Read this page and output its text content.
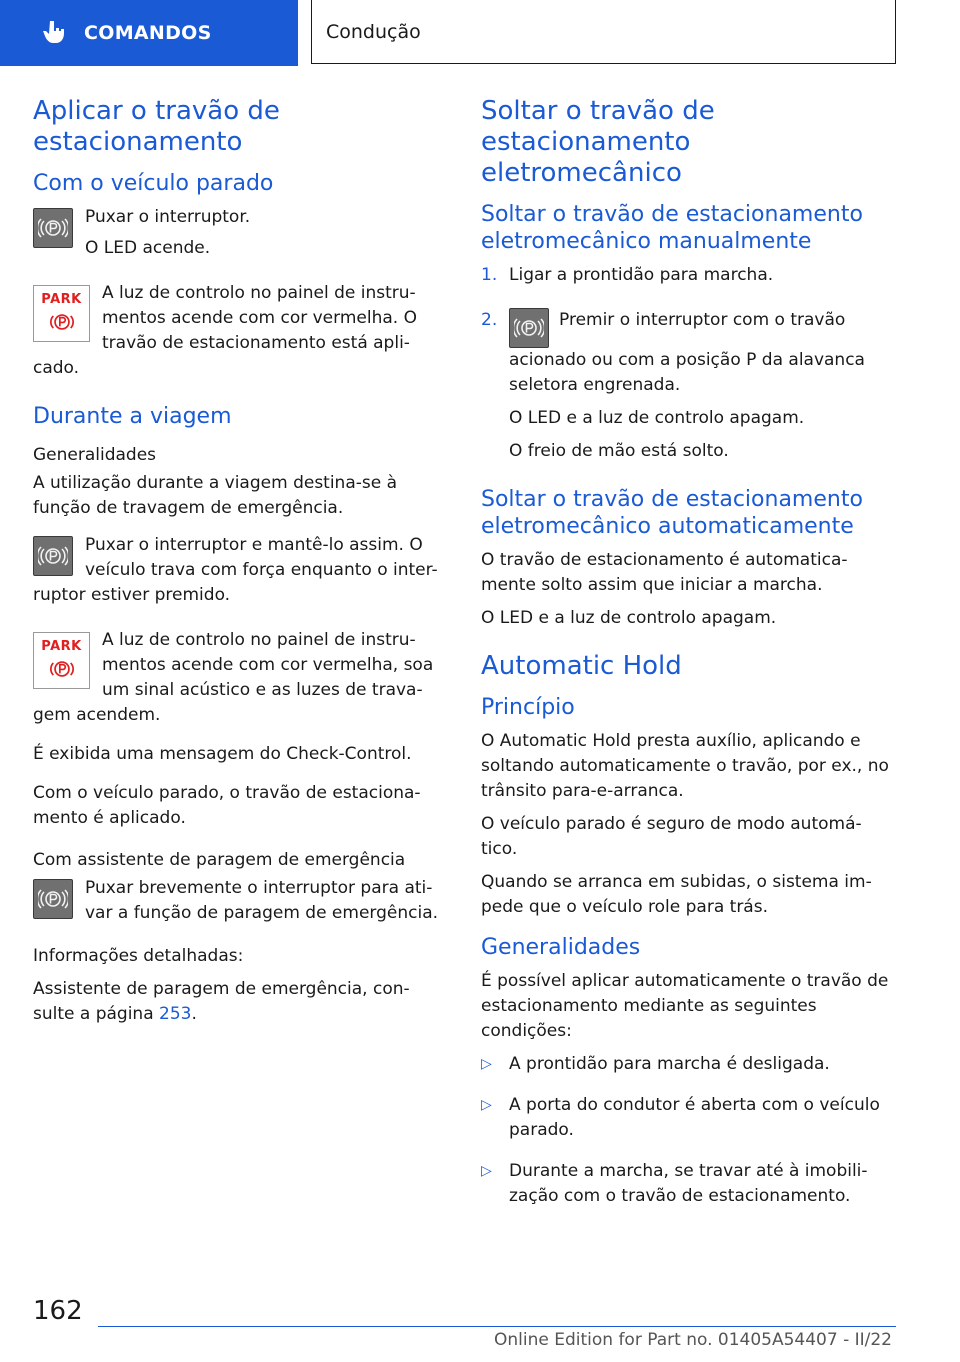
COMANDOS	Condução
Aplicar o travão de estacionamento
Com o veículo parado

Puxar o interruptor.

O LED acende.

PARK	A luz de controlo no painel de instru-mentos acende com cor vermelha. O travão de estacionamento está apli-cado.

Durante a viagem
Generalidades

A utilização durante a viagem destina-se à função de travagem de emergência.

Puxar o interruptor e mantê-lo assim. O veículo trava com força enquanto o inter-ruptor estiver premido.

PARK	A luz de controlo no painel de instru-mentos acende com cor vermelha, soa um sinal acústico e as luzes de trava-gem acendem.

É exibida uma mensagem do Check-Control.

Com o veículo parado, o travão de estaciona-mento é aplicado.

Com assistente de paragem de emergência

Puxar brevemente o interruptor para ati-var a função de paragem de emergência.

Informações detalhadas:

Assistente de paragem de emergência, con-sulte a página 253.

Soltar o travão de estacionamento eletromecânico
Soltar o travão de estacionamento eletromecânico manualmente
1. Ligar a prontidão para marcha.

2.	Premir o interruptor com o travão acionado ou com a posição P da alavanca seletora engrenada.

O LED e a luz de controlo apagam.

O freio de mão está solto.

Soltar o travão de estacionamento eletromecânico automaticamente

O travão de estacionamento é automatica-mente solto assim que iniciar a marcha.

O LED e a luz de controlo apagam.

Automatic Hold
Princípio

O Automatic Hold presta auxílio, aplicando e soltando automaticamente o travão, por ex., no trânsito para-e-arranca.

O veículo parado é seguro de modo automá-tico.

Quando se arranca em subidas, o sistema im-pede que o veículo role para trás.

Generalidades

É possível aplicar automaticamente o travão de estacionamento mediante as seguintes condições:

▷	A prontidão para marcha é desligada.

▷	A porta do condutor é aberta com o veículo parado.

▷	Durante a marcha, se travar até à imobili-zação com o travão de estacionamento.

162
Online Edition for Part no. 01405A54407 - II/22
